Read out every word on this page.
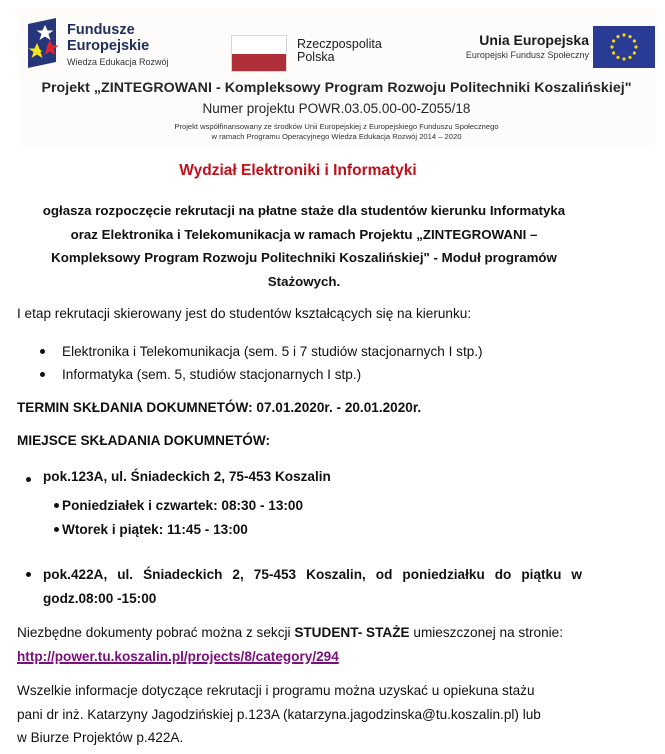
Fundusze
Europejskie
Wiedza Edukacja Rozwój
Rzeczpospolita
Polska
Unia Europejska
Europejski Fundusz Społeczny
Projekt „ZINTEGROWANI - Kompleksowy Program Rozwoju Politechniki Koszalińskiej"
Numer projektu POWR.03.05.00-00-Z055/18
Projekt współfinansowany ze środków Unii Europejskiej z Europejskiego Funduszu Społecznego
w ramach Programu Operacyjnego Wiedza Edukacja Rozwój 2014 – 2020
Wydział Elektroniki i Informatyki
ogłasza rozpoczęcie rekrutacji na płatne staże dla studentów kierunku Informatyka
oraz Elektronika i Telekomunikacja w ramach Projektu „ZINTEGROWANI –
Kompleksowy Program Rozwoju Politechniki Koszalińskiej" - Moduł programów
Stażowych.
I etap rekrutacji skierowany jest do studentów kształcących się na kierunku:
Elektronika i Telekomunikacja (sem. 5 i 7 studiów stacjonarnych I stp.)
Informatyka (sem. 5, studiów stacjonarnych I stp.)
TERMIN SKŁDANIA DOKUMNETÓW: 07.01.2020r. - 20.01.2020r.
MIEJSCE SKŁADANIA DOKUMNETÓW:
pok.123A, ul. Śniadeckich 2, 75-453 Koszalin
Poniedziałek i czwartek: 08:30 - 13:00
Wtorek i piątek: 11:45 - 13:00
pok.422A, ul. Śniadeckich 2, 75-453 Koszalin, od poniedziałku do piątku w godz.08:00 -15:00
Niezbędne dokumenty pobrać można z sekcji STUDENT- STAŻE umieszczonej na stronie: http://power.tu.koszalin.pl/projects/8/category/294
Wszelkie informacje dotyczące rekrutacji i programu można uzyskać u opiekuna stażu
pani dr inż. Katarzyny Jagodzińskiej p.123A (katarzyna.jagodzinska@tu.koszalin.pl) lub
w Biurze Projektów p.422A.
